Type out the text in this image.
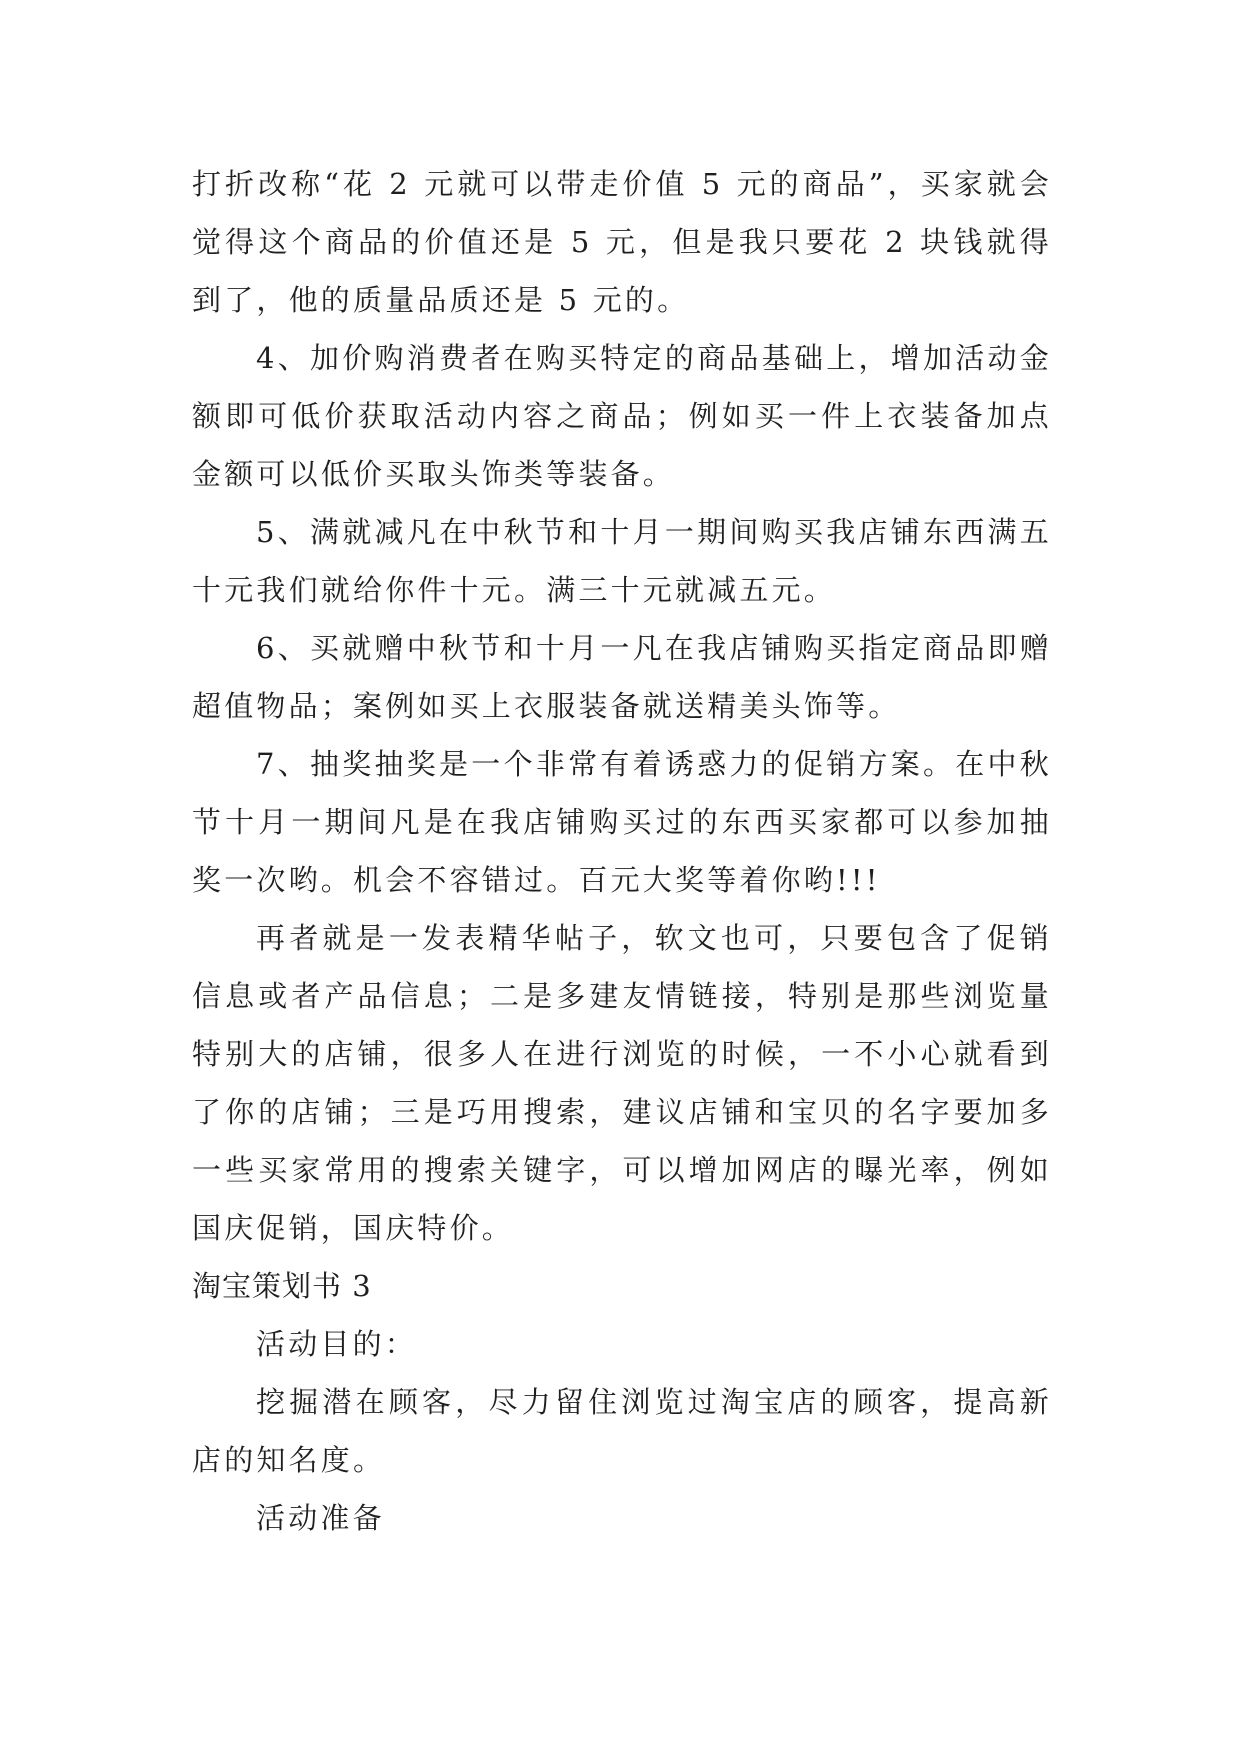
打折改称“花 2 元就可以带走价值 5 元的商品”，买家就会觉得这个商品的价值还是 5 元，但是我只要花 2 块钱就得到了，他的质量品质还是 5 元的。

4、加价购消费者在购买特定的商品基础上，增加活动金额即可低价获取活动内容之商品；例如买一件上衣装备加点金额可以低价买取头饰类等装备。

5、满就减凡在中秋节和十月一期间购买我店铺东西满五十元我们就给你件十元。满三十元就减五元。

6、买就赠中秋节和十月一凡在我店铺购买指定商品即赠超值物品；案例如买上衣服装备就送精美头饰等。

7、抽奖抽奖是一个非常有着诱惑力的促销方案。在中秋节十月一期间凡是在我店铺购买过的东西买家都可以参加抽奖一次哟。机会不容错过。百元大奖等着你哟!!!

再者就是一发表精华帖子，软文也可，只要包含了促销信息或者产品信息；二是多建友情链接，特别是那些浏览量特别大的店铺，很多人在进行浏览的时候，一不小心就看到了你的店铺；三是巧用搜索，建议店铺和宝贝的名字要加多一些买家常用的搜索关键字，可以增加网店的曝光率，例如国庆促销，国庆特价。

淘宝策划书 3

活动目的：

挖掘潜在顾客，尽力留住浏览过淘宝店的顾客，提高新店的知名度。

活动准备
